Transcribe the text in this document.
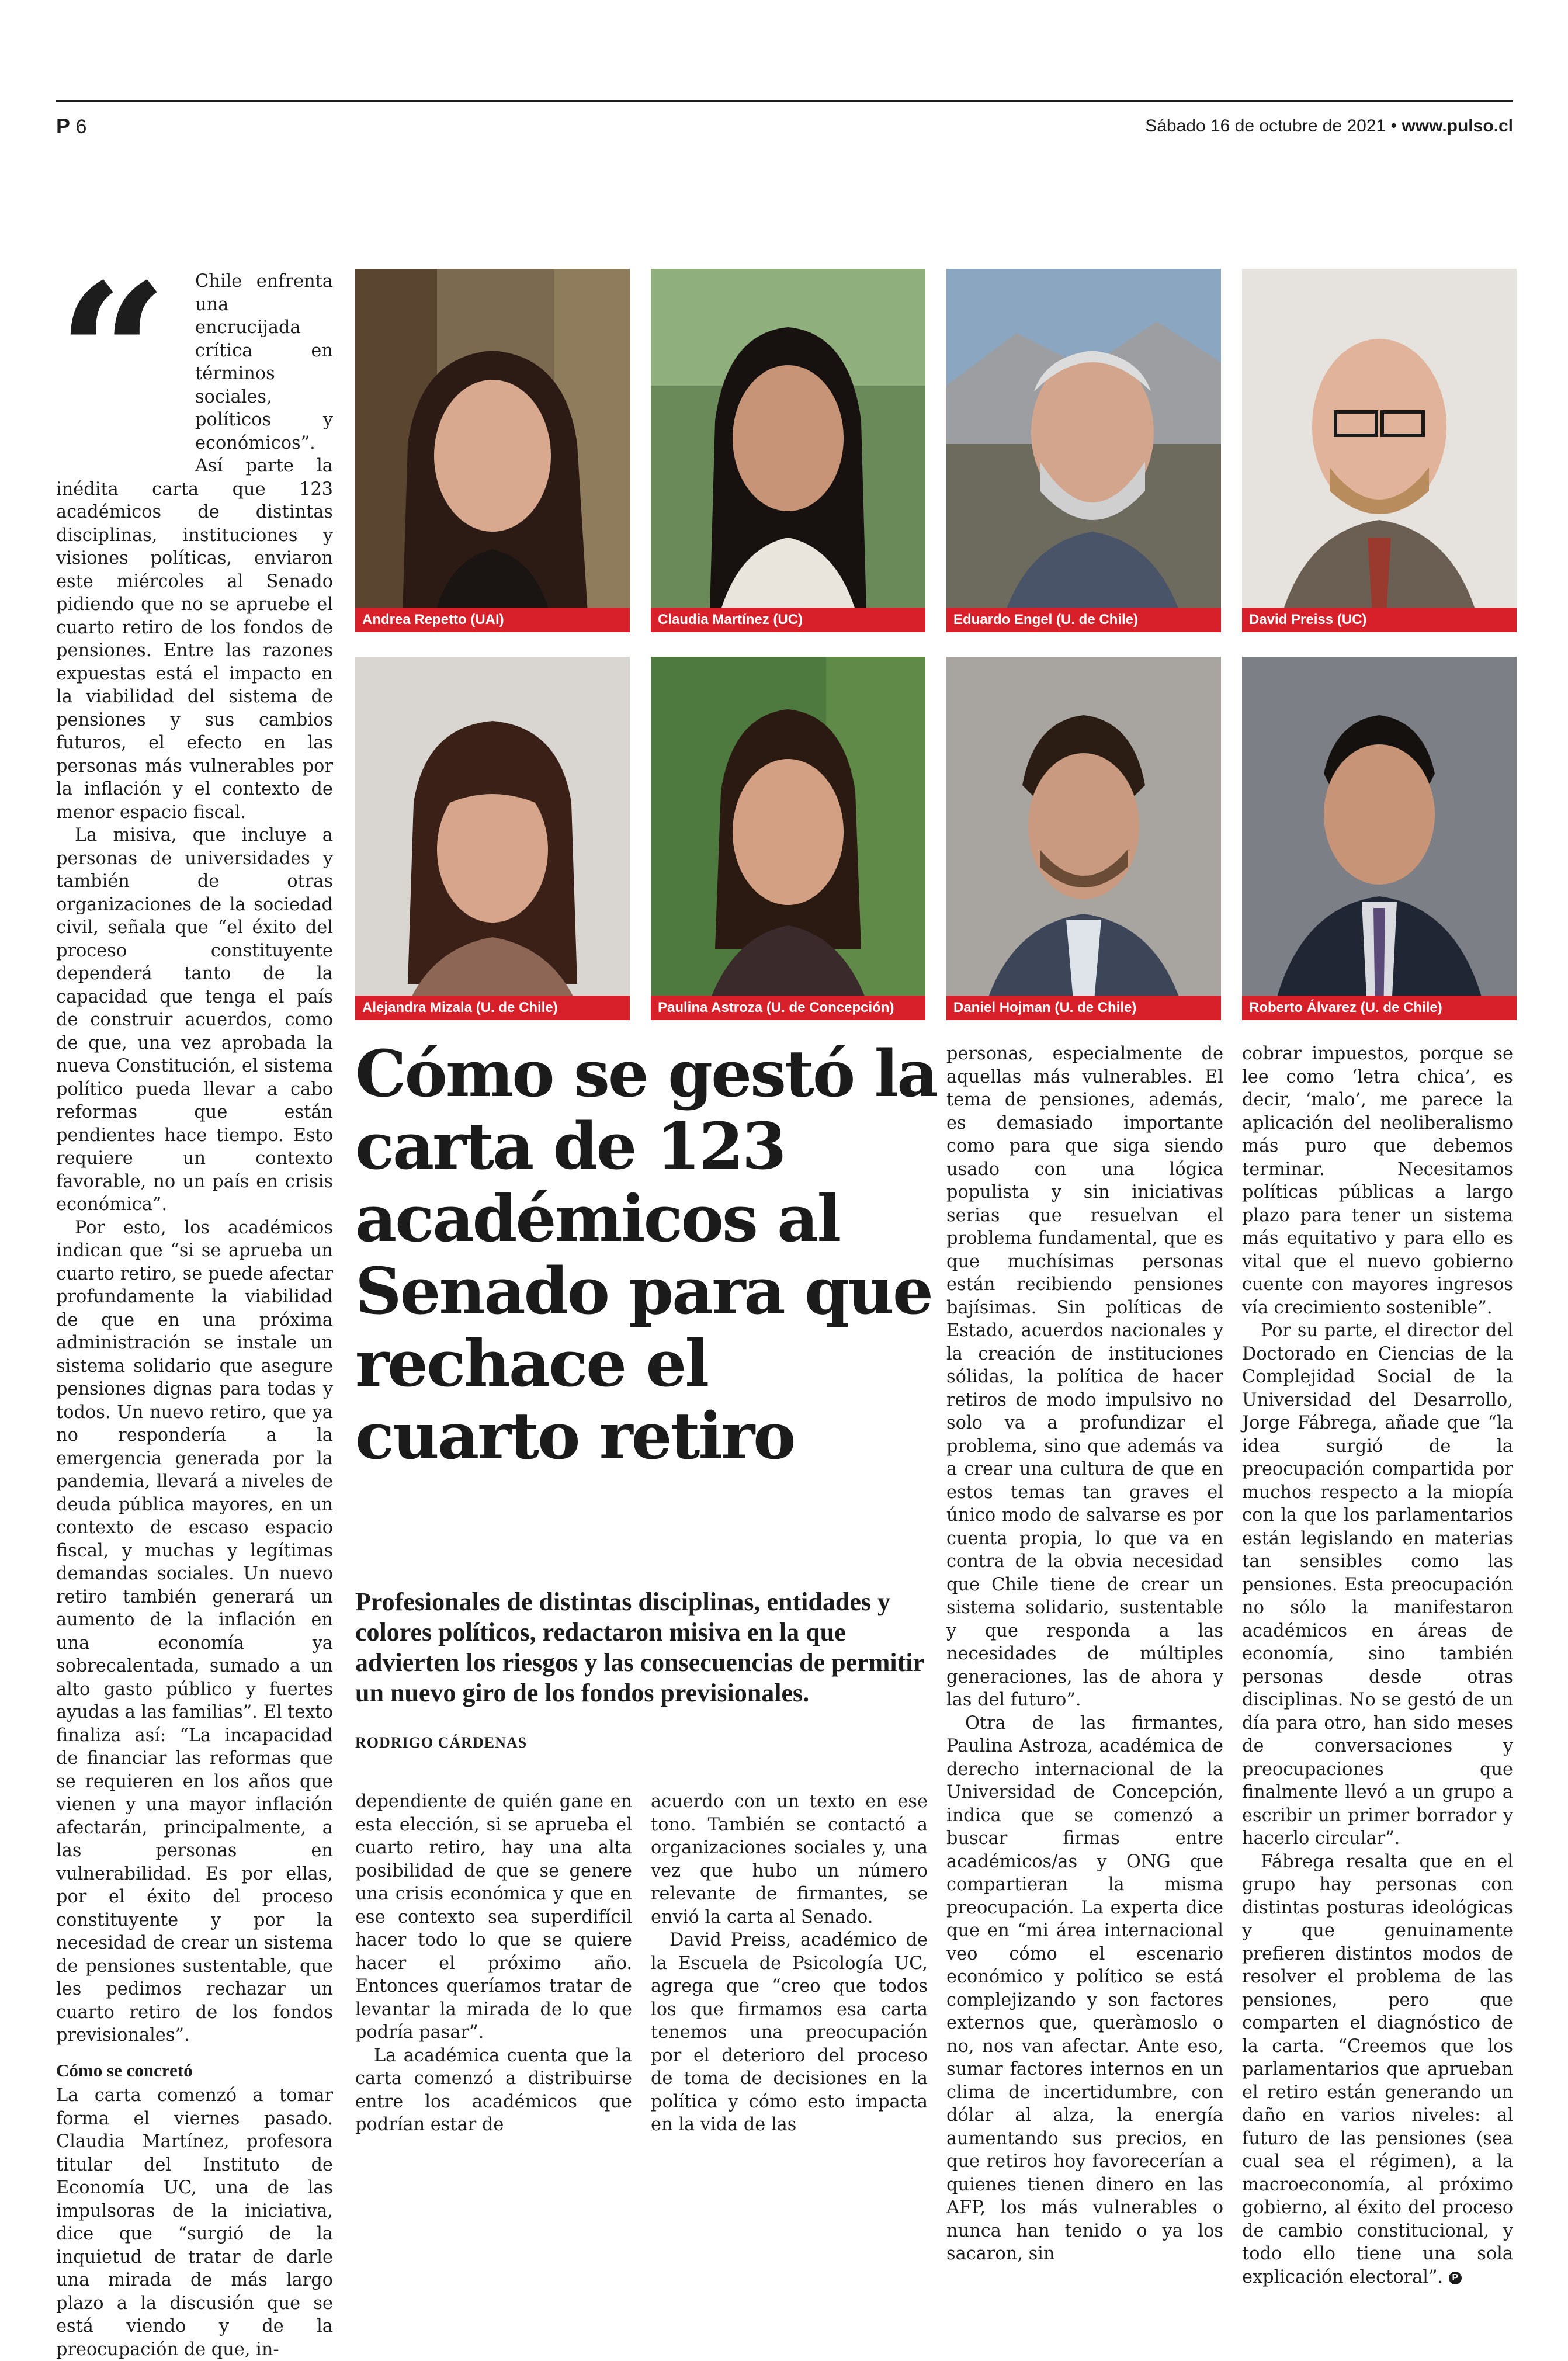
P 6	Sábado 16 de octubre de 2021 • www.pulso.cl
Andrea Repetto (UAI)	Claudia Martínez (UC)	Eduardo Engel (U. de Chile)	David Preiss (UC)
Alejandra Mizala (U. de Chile)	Paulina Astroza (U. de Concepción)	Daniel Hojman (U. de Chile)	Roberto Álvarez (U. de Chile)
“	Chile enfrenta una encrucijada crítica en términos sociales, políticos y económicos”. Así parte la inédita carta que 123 académicos de distintas disciplinas, instituciones y visiones políticas, enviaron este miércoles al Senado pidiendo que no se apruebe el cuarto retiro de los fondos de pensiones. Entre las razones expuestas está el impacto en la viabilidad del sistema de pensiones y sus cambios futuros, el efecto en las personas más vulnerables por la inflación y el contexto de menor espacio fiscal.

La misiva, que incluye a personas de universidades y también de otras organizaciones de la sociedad civil, señala que “el éxito del proceso constituyente dependerá tanto de la capacidad que tenga el país de construir acuerdos, como de que, una vez aprobada la nueva Constitución, el sistema político pueda llevar a cabo reformas que están pendientes hace tiempo. Esto requiere un contexto favorable, no un país en crisis económica”.

Por esto, los académicos indican que “si se aprueba un cuarto retiro, se puede afectar profundamente la viabilidad de que en una próxima administración se instale un sistema solidario que asegure pensiones dignas para todas y todos. Un nuevo retiro, que ya no respondería a la emergencia generada por la pandemia, llevará a niveles de deuda pública mayores, en un contexto de escaso espacio fiscal, y muchas y legítimas demandas sociales. Un nuevo retiro también generará un aumento de la inflación en una economía ya sobrecalentada, sumado a un alto gasto público y fuertes ayudas a las familias”. El texto finaliza así: “La incapacidad de financiar las reformas que se requieren en los años que vienen y una mayor inflación afectarán, principalmente, a las personas en vulnerabilidad. Es por ellas, por el éxito del proceso constituyente y por la necesidad de crear un sistema de pensiones sustentable, que les pedimos rechazar un cuarto retiro de los fondos previsionales”.

Cómo se concretó

La carta comenzó a tomar forma el viernes pasado. Claudia Martínez, profesora titular del Instituto de Economía UC, una de las impulsoras de la iniciativa, dice que “surgió de la inquietud de tratar de darle una mirada de más largo plazo a la discusión que se está viendo y de la preocupación de que, in-

Cómo se gestó la carta de 123 académicos al Senado para que rechace el cuarto retiro
Profesionales de distintas disciplinas, entidades y colores políticos, redactaron misiva en la que advierten los riesgos y las consecuencias de permitir un nuevo giro de los fondos previsionales.
RODRIGO CÁRDENAS

dependiente de quién gane en esta elección, si se aprueba el cuarto retiro, hay una alta posibilidad de que se genere una crisis económica y que en ese contexto sea superdifícil hacer todo lo que se quiere hacer el próximo año. Entonces queríamos tratar de levantar la mirada de lo que podría pasar”.

La académica cuenta que la carta comenzó a distribuirse entre los académicos que podrían estar de

acuerdo con un texto en ese tono. También se contactó a organizaciones sociales y, una vez que hubo un número relevante de firmantes, se envió la carta al Senado.

David Preiss, académico de la Escuela de Psicología UC, agrega que “creo que todos los que firmamos esa carta tenemos una preocupación por el deterioro del proceso de toma de decisiones en la política y cómo esto impacta en la vida de las

personas, especialmente de aquellas más vulnerables. El tema de pensiones, además, es demasiado importante como para que siga siendo usado con una lógica populista y sin iniciativas serias que resuelvan el problema fundamental, que es que muchísimas personas están recibiendo pensiones bajísimas. Sin políticas de Estado, acuerdos nacionales y la creación de instituciones sólidas, la política de hacer retiros de modo impulsivo no solo va a profundizar el problema, sino que además va a crear una cultura de que en estos temas tan graves el único modo de salvarse es por cuenta propia, lo que va en contra de la obvia necesidad que Chile tiene de crear un sistema solidario, sustentable y que responda a las necesidades de múltiples generaciones, las de ahora y las del futuro”.

Otra de las firmantes, Paulina Astroza, académica de derecho internacional de la Universidad de Concepción, indica que se comenzó a buscar firmas entre académicos/as y ONG que compartieran la misma preocupación. La experta dice que en “mi área internacional veo cómo el escenario económico y político se está complejizando y son factores externos que, queràmoslo o no, nos van afectar. Ante eso, sumar factores internos en un clima de incertidumbre, con dólar al alza, la energía aumentando sus precios, en que retiros hoy favorecerían a quienes tienen dinero en las AFP, los más vulnerables o nunca han tenido o ya los sacaron, sin

cobrar impuestos, porque se lee como ‘letra chica’, es decir, ‘malo’, me parece la aplicación del neoliberalismo más puro que debemos terminar. Necesitamos políticas públicas a largo plazo para tener un sistema más equitativo y para ello es vital que el nuevo gobierno cuente con mayores ingresos vía crecimiento sostenible”.

Por su parte, el director del Doctorado en Ciencias de la Complejidad Social de la Universidad del Desarrollo, Jorge Fábrega, añade que “la idea surgió de la preocupación compartida por muchos respecto a la miopía con la que los parlamentarios están legislando en materias tan sensibles como las pensiones. Esta preocupación no sólo la manifestaron académicos en áreas de economía, sino también personas desde otras disciplinas. No se gestó de un día para otro, han sido meses de conversaciones y preocupaciones que finalmente llevó a un grupo a escribir un primer borrador y hacerlo circular”.

Fábrega resalta que en el grupo hay personas con distintas posturas ideológicas y que genuinamente prefieren distintos modos de resolver el problema de las pensiones, pero que comparten el diagnóstico de la carta. “Creemos que los parlamentarios que aprueban el retiro están generando un daño en varios niveles: al futuro de las pensiones (sea cual sea el régimen), a la macroeconomía, al próximo gobierno, al éxito del proceso de cambio constitucional, y todo ello tiene una sola explicación electoral”. P
